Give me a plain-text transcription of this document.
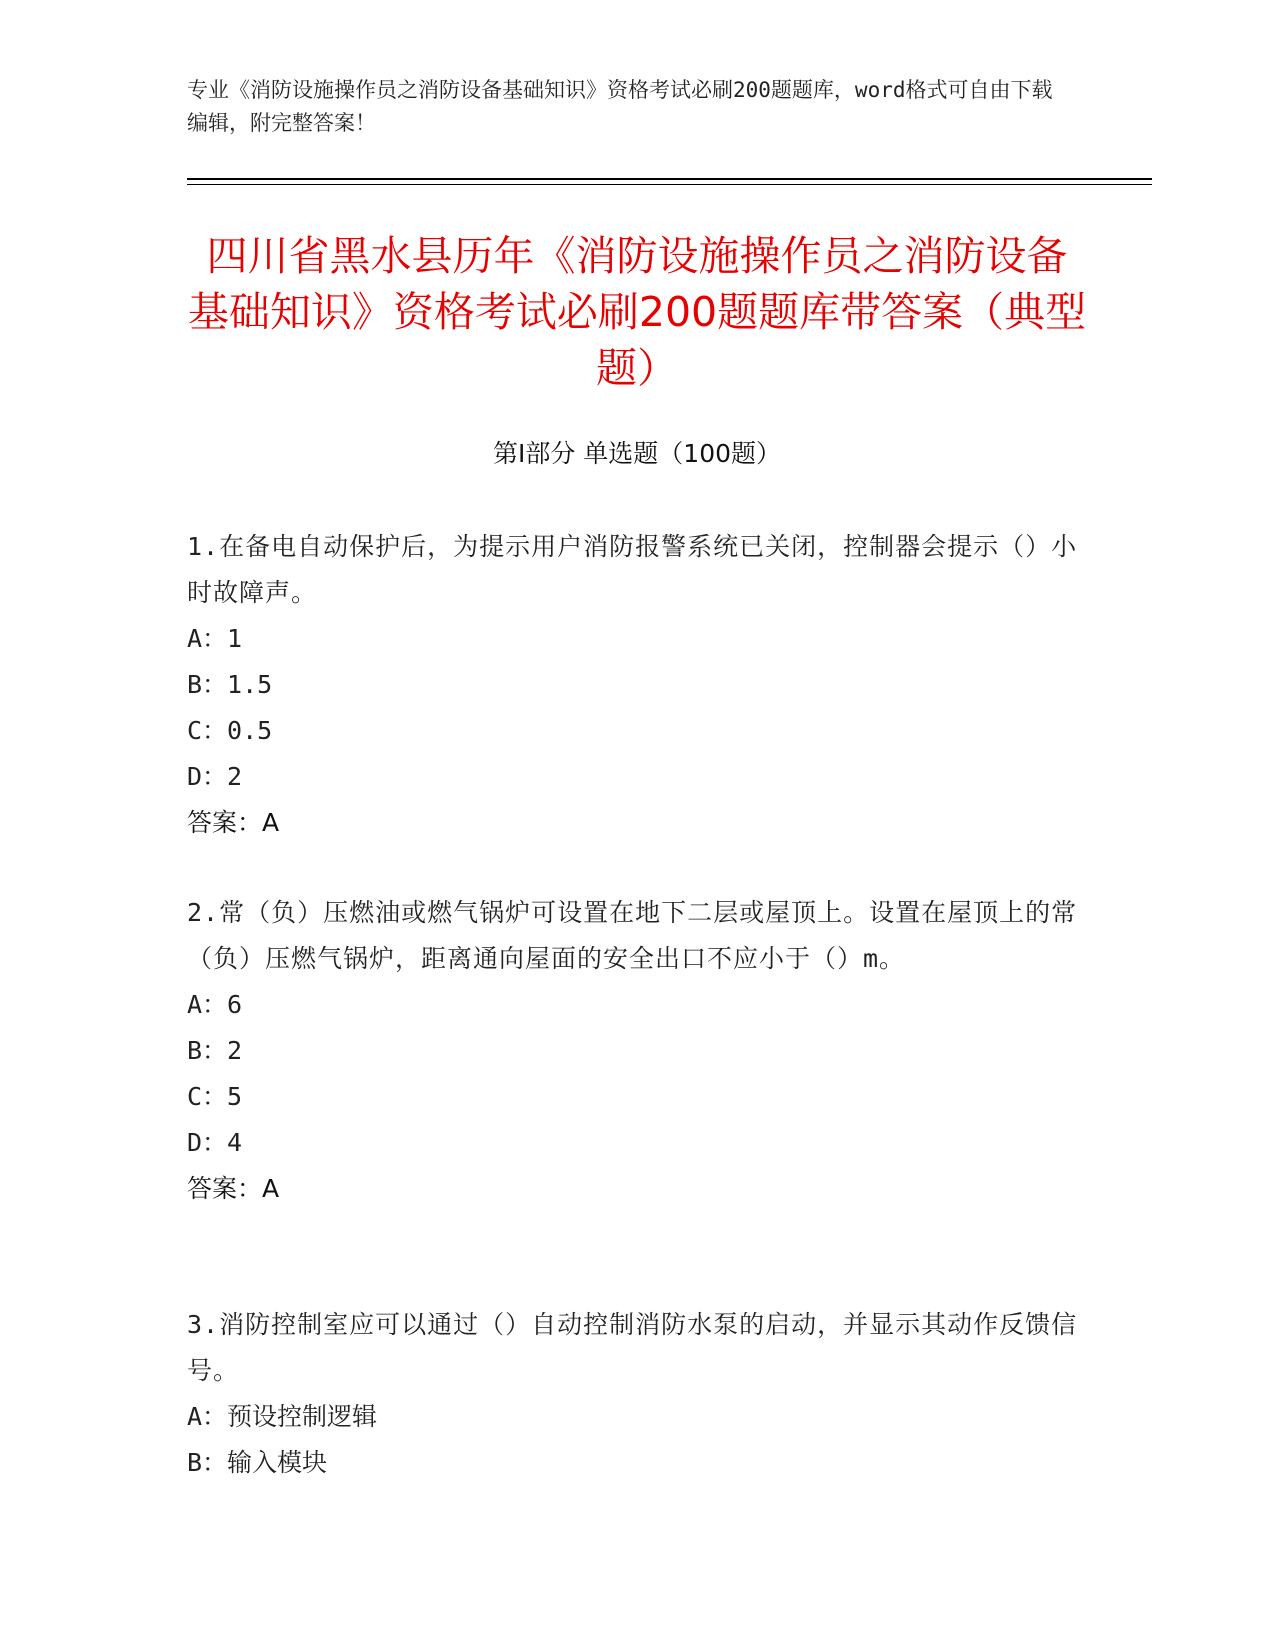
专业《消防设施操作员之消防设备基础知识》资格考试必刷200题题库，word格式可自由下载编辑，附完整答案！
四川省黑水县历年《消防设施操作员之消防设备基础知识》资格考试必刷200题题库带答案（典型题）
第Ⅰ部分 单选题（100题）

1.在备电自动保护后，为提示用户消防报警系统已关闭，控制器会提示（）小时故障声。

A：1

B：1.5

C：0.5

D：2

答案：A

2.常（负）压燃油或燃气锅炉可设置在地下二层或屋顶上。设置在屋顶上的常（负）压燃气锅炉，距离通向屋面的安全出口不应小于（）m。

A：6

B：2

C：5

D：4

答案：A

3.消防控制室应可以通过（）自动控制消防水泵的启动，并显示其动作反馈信号。

A：预设控制逻辑

B：输入模块
